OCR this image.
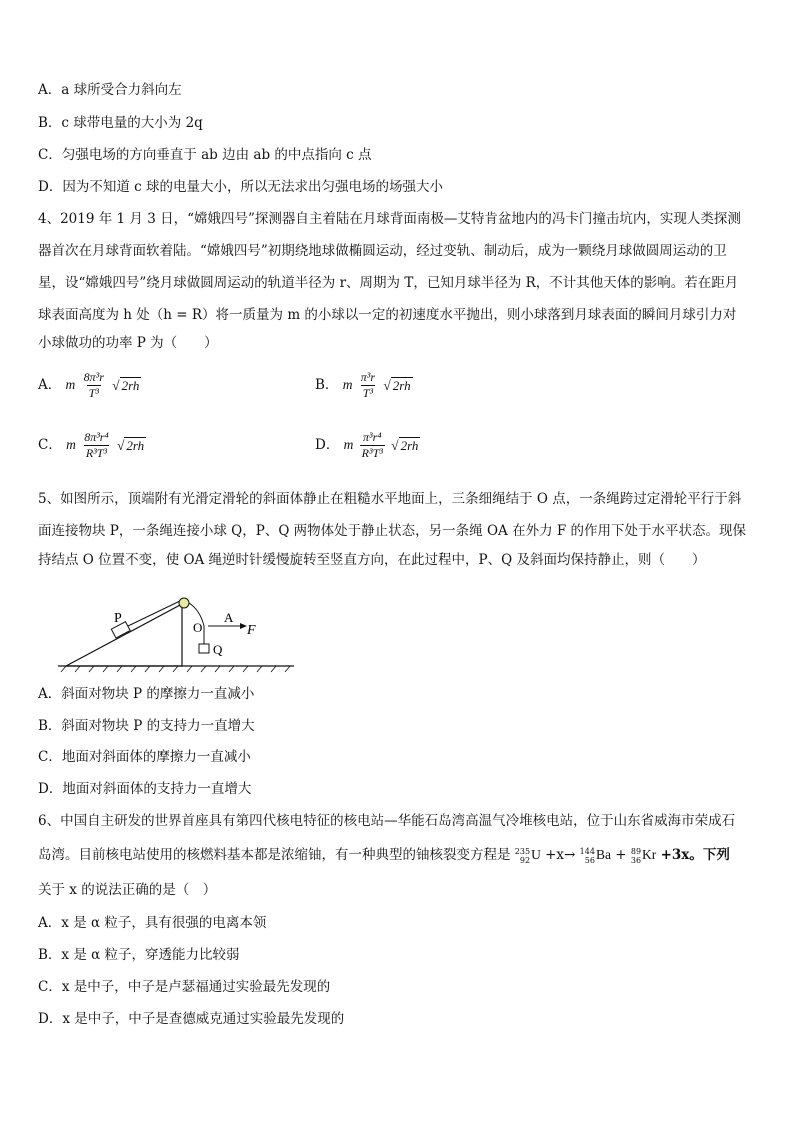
A．a 球所受合力斜向左
B．c 球带电量的大小为 2q
C．匀强电场的方向垂直于 ab 边由 ab 的中点指向 c 点
D．因为不知道 c 球的电量大小，所以无法求出匀强电场的场强大小
4、2019 年 1 月 3 日，“嫦娥四号”探测器自主着陆在月球背面南极—艾特肯盆地内的冯卡门撞击坑内，实现人类探测
器首次在月球背面软着陆。“嫦娥四号”初期绕地球做椭圆运动，经过变轨、制动后，成为一颗绕月球做圆周运动的卫
星，设“嫦娥四号”绕月球做圆周运动的轨道半径为 r、周期为 T，已知月球半径为 R，不计其他天体的影响。若在距月
球表面高度为 h 处（h = R）将一质量为 m 的小球以一定的初速度水平抛出，则小球落到月球表面的瞬间月球引力对
小球做功的功率 P 为（　　）
A． m $\frac{\text{8π³r}}{\text{T³}}$ √ 2rh	B． m $\frac{\text{π³r}}{\text{T³}}$ √ 2rh
C． m $\frac{\text{8π³r⁴}}{\text{R³T³}}$ √ 2rh	D． m $\frac{\text{π³r⁴}}{\text{R³T³}}$ √ 2rh
5、如图所示，顶端附有光滑定滑轮的斜面体静止在粗糙水平地面上，三条细绳结于 O 点，一条绳跨过定滑轮平行于斜
面连接物块 P，一条绳连接小球 Q，P、Q 两物体处于静止状态，另一条绳 OA 在外力 F 的作用下处于水平状态。现保
持结点 O 位置不变，使 OA 绳逆时针缓慢旋转至竖直方向，在此过程中，P、Q 及斜面均保持静止，则（　　）
P
O
A
F
Q
A．斜面对物块 P 的摩擦力一直减小
B．斜面对物块 P 的支持力一直增大
C．地面对斜面体的摩擦力一直减小
D．地面对斜面体的支持力一直增大
6、中国自主研发的世界首座具有第四代核电特征的核电站—华能石岛湾高温气冷堆核电站，位于山东省威海市荣成石
岛湾。目前核电站使用的核燃料基本都是浓缩铀，有一种典型的铀核裂变方程是 235
92 U +x→ 144
56 Ba + 89
36 Kr +3x。下列
关于 x 的说法正确的是（　）
A．x 是 α 粒子，具有很强的电离本领
B．x 是 α 粒子，穿透能力比较弱
C．x 是中子，中子是卢瑟福通过实验最先发现的
D．x 是中子，中子是查德威克通过实验最先发现的
